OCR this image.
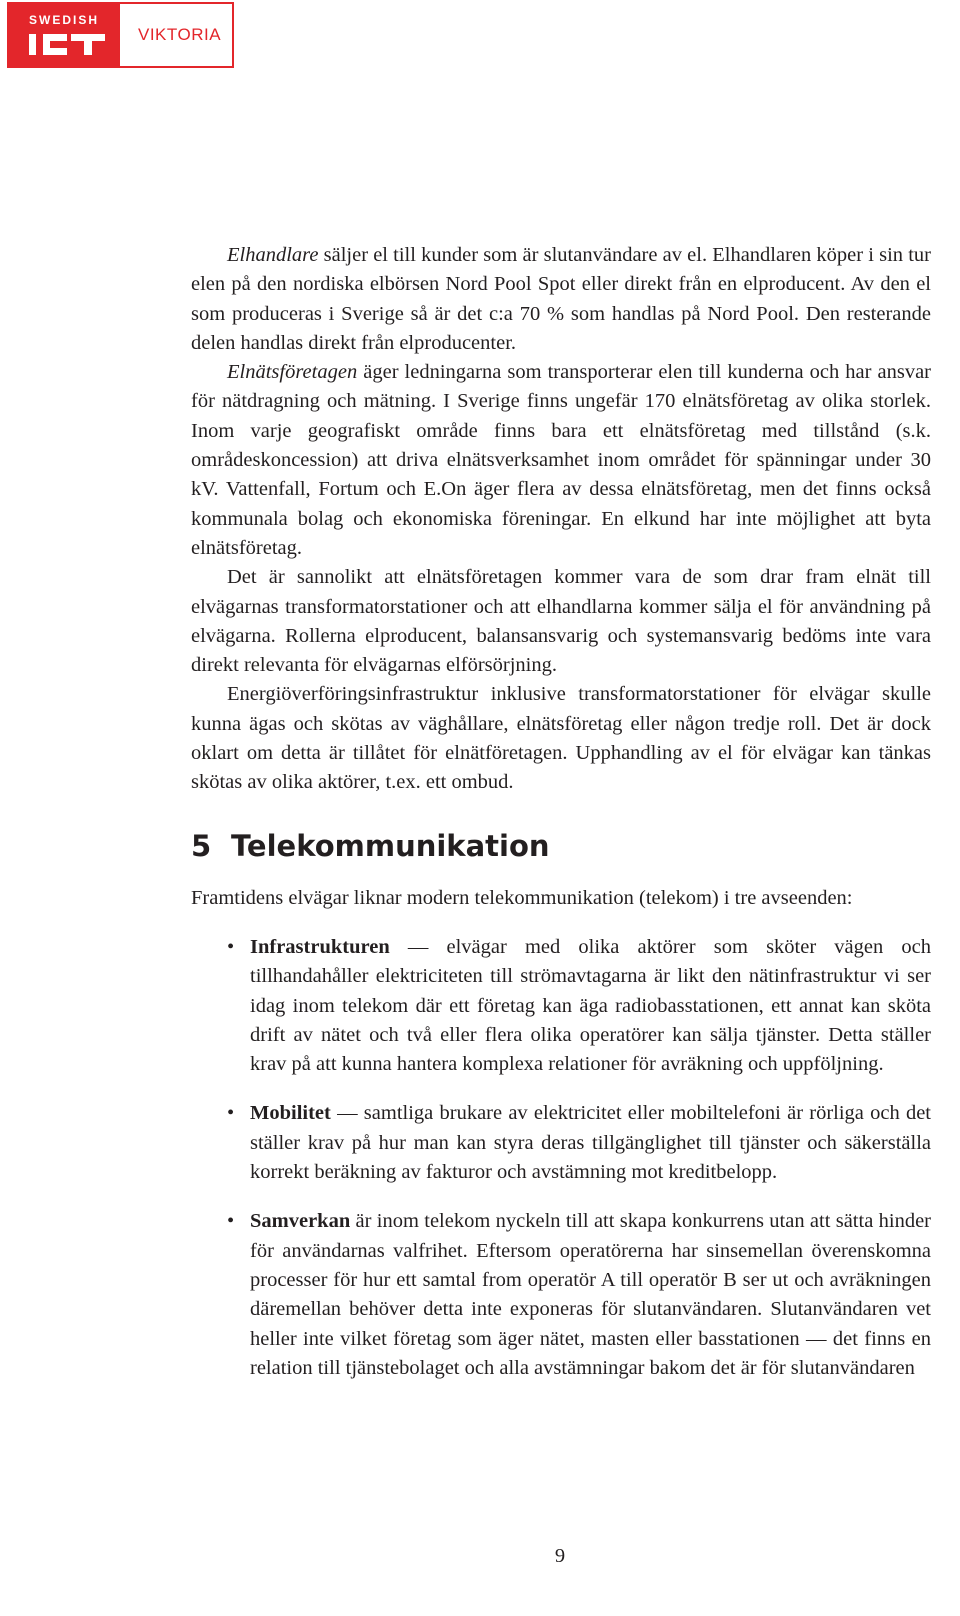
SWEDISH
VIKTORIA

Elhandlare säljer el till kunder som är slutanvändare av el. Elhandlaren köper i sin tur elen på den nordiska elbörsen Nord Pool Spot eller direkt från en elproducent. Av den el som produceras i Sverige så är det c:a 70 % som handlas på Nord Pool. Den resterande delen handlas direkt från elproducenter.

Elnätsföretagen äger ledningarna som transporterar elen till kunderna och har ansvar för nätdragning och mätning. I Sverige finns ungefär 170 elnätsföretag av olika storlek. Inom varje geografiskt område finns bara ett elnätsföretag med tillstånd (s.k. områdeskoncession) att driva elnätsverksamhet inom området för spänningar under 30 kV. Vattenfall, Fortum och E.On äger flera av dessa elnätsföretag, men det finns också kommunala bolag och ekonomiska föreningar. En elkund har inte möjlighet att byta elnätsföretag.

Det är sannolikt att elnätsföretagen kommer vara de som drar fram elnät till elvägarnas transformatorstationer och att elhandlarna kommer sälja el för användning på elvägarna. Rollerna elproducent, balansansvarig och systemansvarig bedöms inte vara direkt relevanta för elvägarnas elförsörjning.

Energiöverföringsinfrastruktur inklusive transformatorstationer för elvägar skulle kunna ägas och skötas av väghållare, elnätsföretag eller någon tredje roll. Det är dock oklart om detta är tillåtet för elnätföretagen. Upphandling av el för elvägar kan tänkas skötas av olika aktörer, t.ex. ett ombud.

5 Telekommunikation

Framtidens elvägar liknar modern telekommunikation (telekom) i tre avseenden:

• Infrastrukturen — elvägar med olika aktörer som sköter vägen och tillhandahåller elektriciteten till strömavtagarna är likt den nätinfrastruktur vi ser idag inom telekom där ett företag kan äga radiobasstationen, ett annat kan sköta drift av nätet och två eller flera olika operatörer kan sälja tjänster. Detta ställer krav på att kunna hantera komplexa relationer för avräkning och uppföljning.
• Mobilitet — samtliga brukare av elektricitet eller mobiltelefoni är rörliga och det ställer krav på hur man kan styra deras tillgänglighet till tjänster och säkerställa korrekt beräkning av fakturor och avstämning mot kreditbelopp.
• Samverkan är inom telekom nyckeln till att skapa konkurrens utan att sätta hinder för användarnas valfrihet. Eftersom operatörerna har sinsemellan överenskomna processer för hur ett samtal from operatör A till operatör B ser ut och avräkningen däremellan behöver detta inte exponeras för slutanvändaren. Slutanvändaren vet heller inte vilket företag som äger nätet, masten eller basstationen — det finns en relation till tjänstebolaget och alla avstämningar bakom det är för slutanvändaren
9
